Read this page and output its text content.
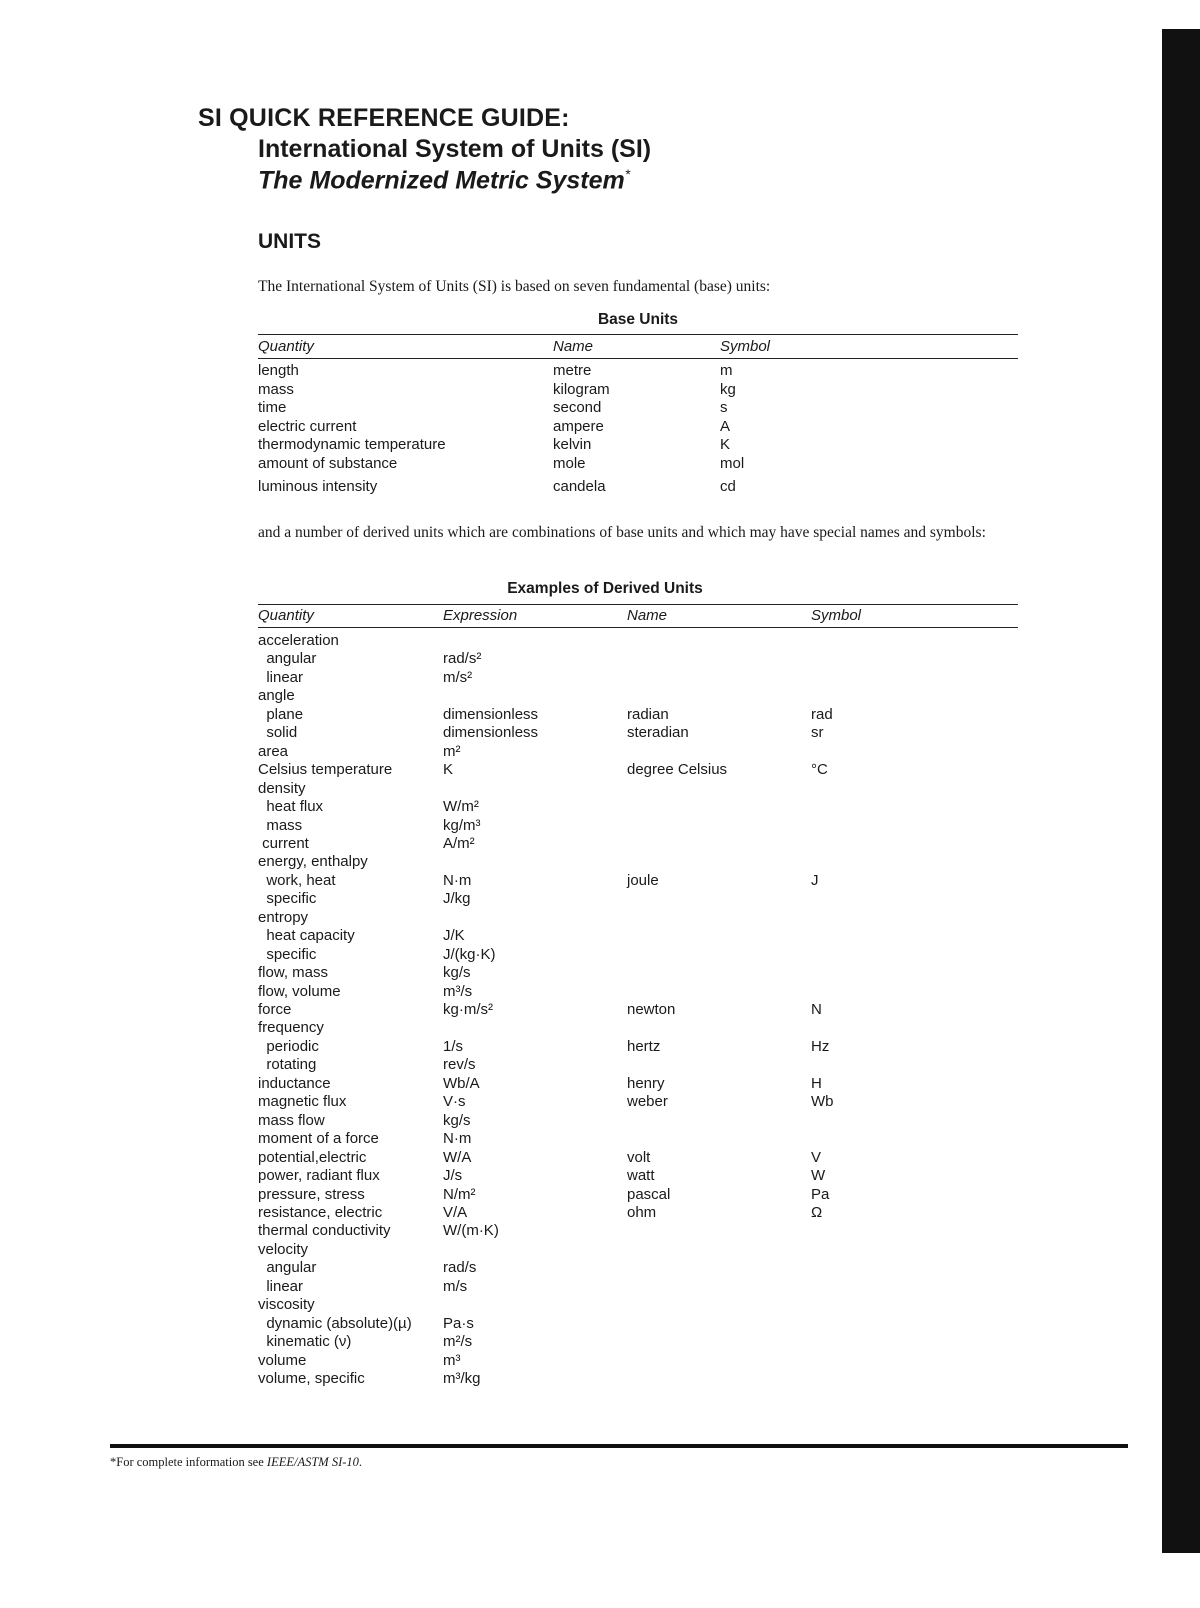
SI QUICK REFERENCE GUIDE:
International System of Units (SI)
The Modernized Metric System*
UNITS
The International System of Units (SI) is based on seven fundamental (base) units:
Base Units
Quantity	Name	Symbol
length	metre	m
mass	kilogram	kg
time	second	s
electric current	ampere	A
thermodynamic temperature	kelvin	K
amount of substance	mole	mol
luminous intensity	candela	cd
and a number of derived units which are combinations of base units and which may have special names and symbols:
Examples of Derived Units
Quantity	Expression	Name	Symbol
acceleration
angular	rad/s²
linear	m/s²
angle
plane	dimensionless	radian	rad
solid	dimensionless	steradian	sr
area	m²
Celsius temperature	K	degree Celsius	°C
density
heat flux	W/m²
mass	kg/m³
current	A/m²
energy, enthalpy
work, heat	N·m	joule	J
specific	J/kg
entropy
heat capacity	J/K
specific	J/(kg·K)
flow, mass	kg/s
flow, volume	m³/s
force	kg·m/s²	newton	N
frequency
periodic	1/s	hertz	Hz
rotating	rev/s
inductance	Wb/A	henry	H
magnetic flux	V·s	weber	Wb
mass flow	kg/s
moment of a force	N·m
potential,electric	W/A	volt	V
power, radiant flux	J/s	watt	W
pressure, stress	N/m²	pascal	Pa
resistance, electric	V/A	ohm	Ω
thermal conductivity	W/(m·K)
velocity
angular	rad/s
linear	m/s
viscosity
dynamic (absolute)(µ) Pa·s
kinematic (ν)	m²/s
volume	m³
volume, specific	m³/kg
*For complete information see IEEE/ASTM SI-10.
